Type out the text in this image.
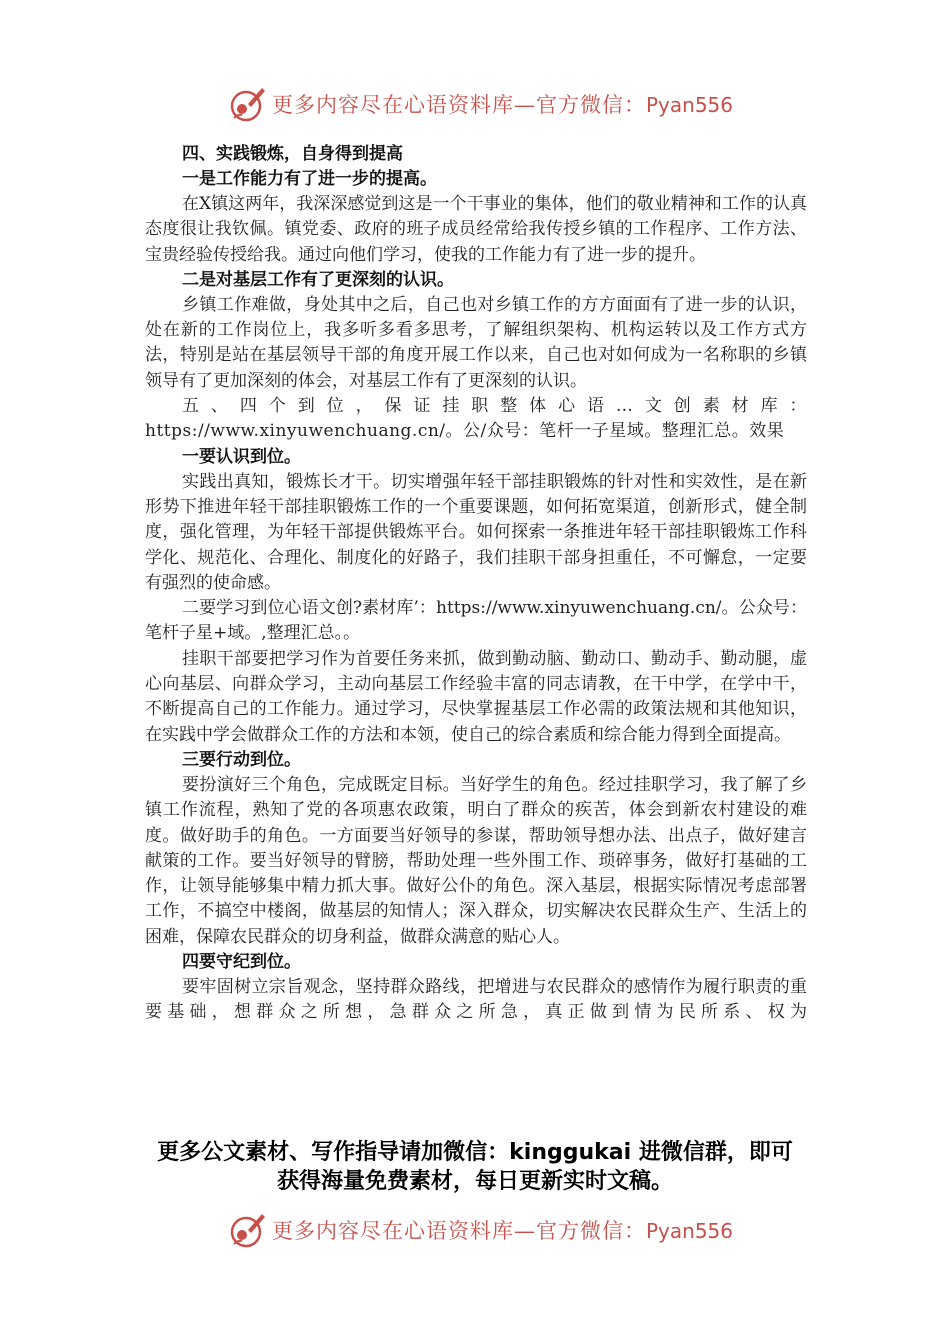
更多内容尽在心语资料库—官方微信：Pyan556
四、实践锻炼，自身得到提高
一是工作能力有了进一步的提高。

在X镇这两年，我深深感觉到这是一个干事业的集体，他们的敬业精神和工作的认真态度很让我钦佩。镇党委、政府的班子成员经常给我传授乡镇的工作程序、工作方法、宝贵经验传授给我。通过向他们学习，使我的工作能力有了进一步的提升。

二是对基层工作有了更深刻的认识。

乡镇工作难做，身处其中之后，自己也对乡镇工作的方方面面有了进一步的认识，处在新的工作岗位上，我多听多看多思考，了解组织架构、机构运转以及工作方式方法，特别是站在基层领导干部的角度开展工作以来，自己也对如何成为一名称职的乡镇领导有了更加深刻的体会，对基层工作有了更深刻的认识。

五、四个到位，保证挂职整体心语…文创素材库：https://www.xinyuwenchuang.cn/。公/众号：笔杆一子星域。整理汇总。效果

一要认识到位。

实践出真知，锻炼长才干。切实增强年轻干部挂职锻炼的针对性和实效性，是在新形势下推进年轻干部挂职锻炼工作的一个重要课题，如何拓宽渠道，创新形式，健全制度，强化管理，为年轻干部提供锻炼平台。如何探索一条推进年轻干部挂职锻炼工作科学化、规范化、合理化、制度化的好路子，我们挂职干部身担重任，不可懈怠，一定要有强烈的使命感。

二要学习到位心语文创?素材库’：https://www.xinyuwenchuang.cn/。公众号：笔杆子星+域。,整理汇总。。

挂职干部要把学习作为首要任务来抓，做到勤动脑、勤动口、勤动手、勤动腿，虚心向基层、向群众学习，主动向基层工作经验丰富的同志请教，在干中学，在学中干，不断提高自己的工作能力。通过学习，尽快掌握基层工作必需的政策法规和其他知识，在实践中学会做群众工作的方法和本领，使自己的综合素质和综合能力得到全面提高。

三要行动到位。

要扮演好三个角色，完成既定目标。当好学生的角色。经过挂职学习，我了解了乡镇工作流程，熟知了党的各项惠农政策，明白了群众的疾苦，体会到新农村建设的难度。做好助手的角色。一方面要当好领导的参谋，帮助领导想办法、出点子，做好建言献策的工作。要当好领导的臂膀，帮助处理一些外围工作、琐碎事务，做好打基础的工作，让领导能够集中精力抓大事。做好公仆的角色。深入基层，根据实际情况考虑部署工作，不搞空中楼阁，做基层的知情人；深入群众，切实解决农民群众生产、生活上的困难，保障农民群众的切身利益，做群众满意的贴心人。

四要守纪到位。

要牢固树立宗旨观念，坚持群众路线，把增进与农民群众的感情作为履行职责的重要基础，想群众之所想，急群众之所急，真正做到情为民所系、权为

更多公文素材、写作指导请加微信：kinggukai 进微信群，即可
获得海量免费素材，每日更新实时文稿。
更多内容尽在心语资料库—官方微信：Pyan556
